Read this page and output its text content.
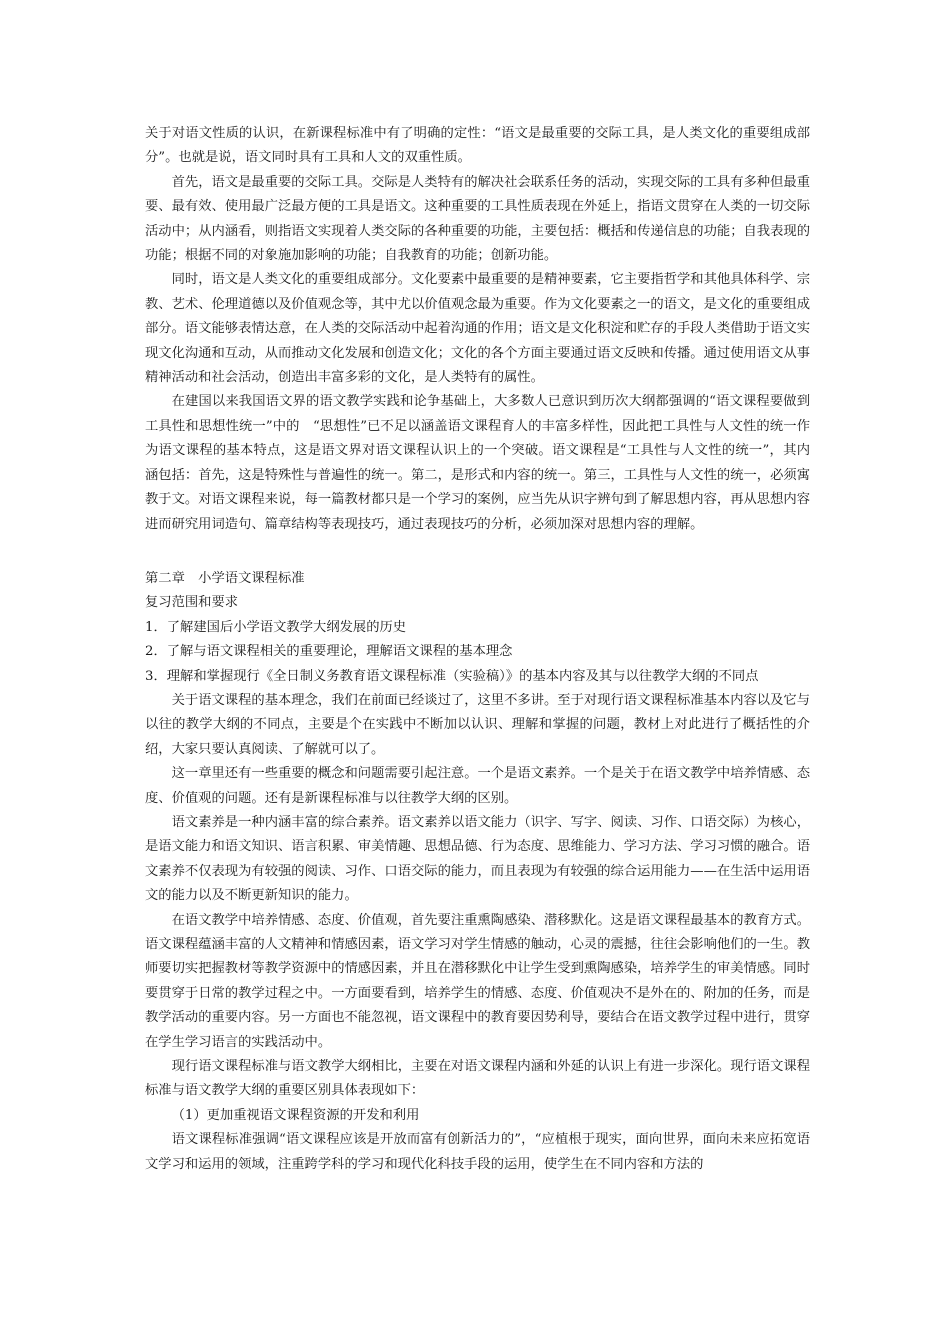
关于对语文性质的认识，在新课程标准中有了明确的定性：“语文是最重要的交际工具，是人类文化的重要组成部分”。也就是说，语文同时具有工具和人文的双重性质。

首先，语文是最重要的交际工具。交际是人类特有的解决社会联系任务的活动，实现交际的工具有多种但最重要、最有效、使用最广泛最方便的工具是语文。这种重要的工具性质表现在外延上，指语文贯穿在人类的一切交际活动中；从内涵看，则指语文实现着人类交际的各种重要的功能，主要包括：概括和传递信息的功能；自我表现的功能；根据不同的对象施加影响的功能；自我教育的功能；创新功能。

同时，语文是人类文化的重要组成部分。文化要素中最重要的是精神要素，它主要指哲学和其他具体科学、宗教、艺术、伦理道德以及价值观念等，其中尤以价值观念最为重要。作为文化要素之一的语文，是文化的重要组成部分。语文能够表情达意，在人类的交际活动中起着沟通的作用；语文是文化积淀和贮存的手段人类借助于语文实现文化沟通和互动，从而推动文化发展和创造文化；文化的各个方面主要通过语文反映和传播。通过使用语文从事精神活动和社会活动，创造出丰富多彩的文化，是人类特有的属性。

在建国以来我国语文界的语文教学实践和论争基础上，大多数人已意识到历次大纲都强调的“语文课程要做到工具性和思想性统一”中的　“思想性”已不足以涵盖语文课程育人的丰富多样性，因此把工具性与人文性的统一作为语文课程的基本特点，这是语文界对语文课程认识上的一个突破。语文课程是“工具性与人文性的统一”，其内涵包括：首先，这是特殊性与普遍性的统一。第二，是形式和内容的统一。第三，工具性与人文性的统一，必须寓教于文。对语文课程来说，每一篇教材都只是一个学习的案例，应当先从识字辨句到了解思想内容，再从思想内容进而研究用词造句、篇章结构等表现技巧，通过表现技巧的分析，必须加深对思想内容的理解。

第二章　小学语文课程标准

复习范围和要求

1．了解建国后小学语文教学大纲发展的历史

2．了解与语文课程相关的重要理论，理解语文课程的基本理念

3．理解和掌握现行《全日制义务教育语文课程标准（实验稿）》的基本内容及其与以往教学大纲的不同点

关于语文课程的基本理念，我们在前面已经谈过了，这里不多讲。至于对现行语文课程标准基本内容以及它与以往的教学大纲的不同点，主要是个在实践中不断加以认识、理解和掌握的问题，教材上对此进行了概括性的介绍，大家只要认真阅读、了解就可以了。

这一章里还有一些重要的概念和问题需要引起注意。一个是语文素养。一个是关于在语文教学中培养情感、态度、价值观的问题。还有是新课程标准与以往教学大纲的区别。

语文素养是一种内涵丰富的综合素养。语文素养以语文能力（识字、写字、阅读、习作、口语交际）为核心，是语文能力和语文知识、语言积累、审美情趣、思想品德、行为态度、思维能力、学习方法、学习习惯的融合。语文素养不仅表现为有较强的阅读、习作、口语交际的能力，而且表现为有较强的综合运用能力——在生活中运用语文的能力以及不断更新知识的能力。

在语文教学中培养情感、态度、价值观，首先要注重熏陶感染、潜移默化。这是语文课程最基本的教育方式。语文课程蕴涵丰富的人文精神和情感因素，语文学习对学生情感的触动，心灵的震撼，往往会影响他们的一生。教师要切实把握教材等教学资源中的情感因素，并且在潜移默化中让学生受到熏陶感染，培养学生的审美情感。同时要贯穿于日常的教学过程之中。一方面要看到，培养学生的情感、态度、价值观决不是外在的、附加的任务，而是教学活动的重要内容。另一方面也不能忽视，语文课程中的教育要因势利导，要结合在语文教学过程中进行，贯穿在学生学习语言的实践活动中。

现行语文课程标准与语文教学大纲相比，主要在对语文课程内涵和外延的认识上有进一步深化。现行语文课程标准与语文教学大纲的重要区别具体表现如下：

（1）更加重视语文课程资源的开发和利用

语文课程标准强调“语文课程应该是开放而富有创新活力的”，“应植根于现实，面向世界，面向未来应拓宽语文学习和运用的领域，注重跨学科的学习和现代化科技手段的运用，使学生在不同内容和方法的
